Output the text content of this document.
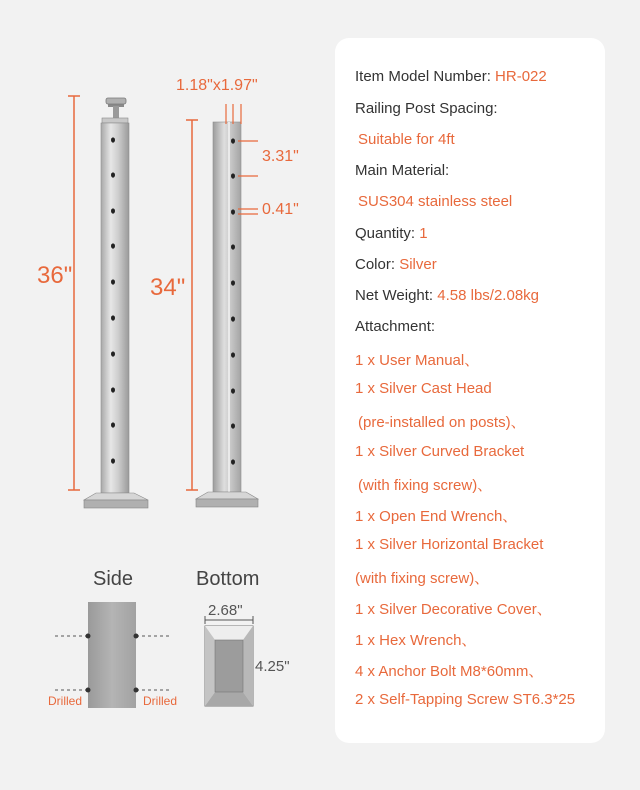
Item Model Number: HR-022
Railing Post Spacing:
Suitable for 4ft
Main Material:
SUS304 stainless steel
Quantity: 1
Color: Silver
Net Weight: 4.58 lbs/2.08kg
Attachment:
1 x User Manual、
1 x Silver Cast Head
(pre-installed on posts)、
1 x Silver Curved Bracket
(with fixing screw)、
1 x Open End Wrench、
1 x Silver Horizontal Bracket
(with fixing screw)、
1 x Silver Decorative Cover、
1 x Hex Wrench、
4 x Anchor Bolt M8*60mm、
2 x Self-Tapping Screw ST6.3*25
36"	34"
1.18"x1.97"
3.31"
0.41"
Side	Bottom
2.68"
4.25"
Drilled	Drilled
